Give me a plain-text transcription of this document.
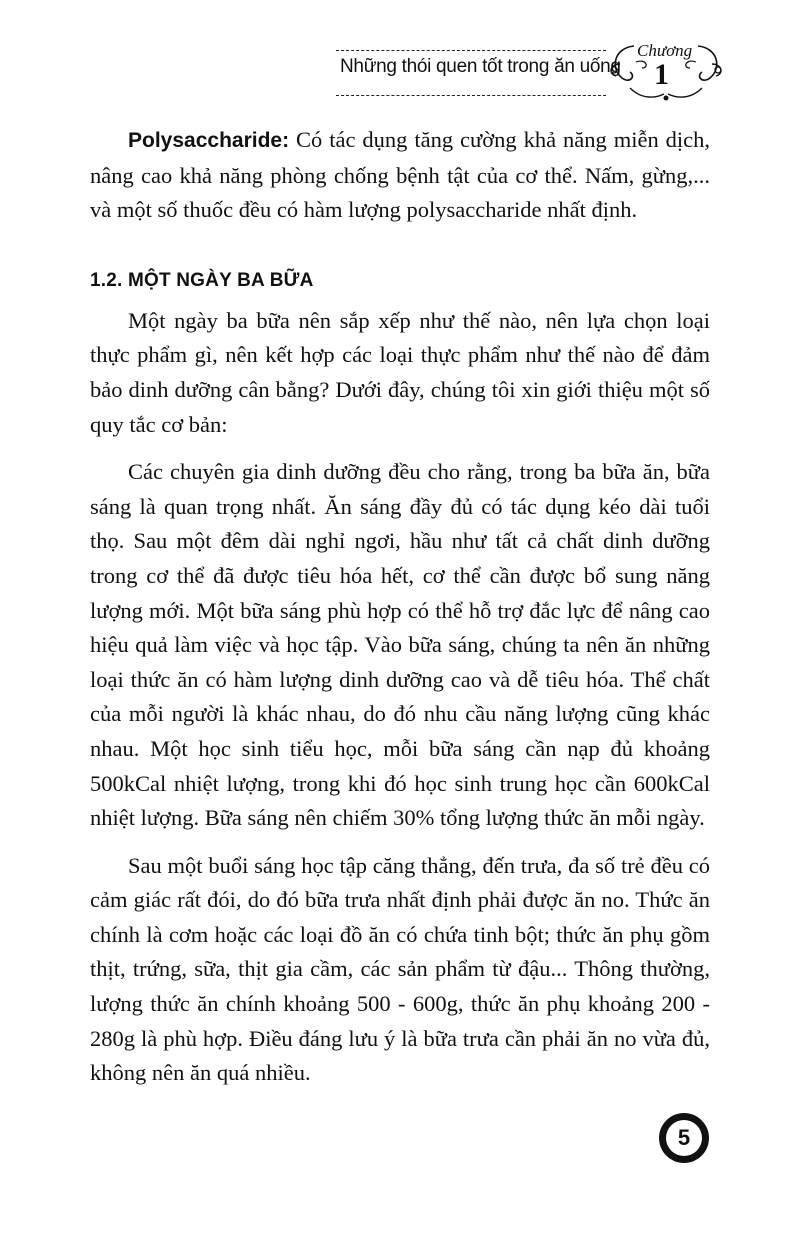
Những thói quen tốt trong ăn uống
Chương
1

Polysaccharide: Có tác dụng tăng cường khả năng miễn dịch, nâng cao khả năng phòng chống bệnh tật của cơ thể. Nấm, gừng,... và một số thuốc đều có hàm lượng polysaccharide nhất định.

1.2. MỘT NGÀY BA BỮA

Một ngày ba bữa nên sắp xếp như thế nào, nên lựa chọn loại thực phẩm gì, nên kết hợp các loại thực phẩm như thế nào để đảm bảo dinh dưỡng cân bằng? Dưới đây, chúng tôi xin giới thiệu một số quy tắc cơ bản:

Các chuyên gia dinh dưỡng đều cho rằng, trong ba bữa ăn, bữa sáng là quan trọng nhất. Ăn sáng đầy đủ có tác dụng kéo dài tuổi thọ. Sau một đêm dài nghỉ ngơi, hầu như tất cả chất dinh dưỡng trong cơ thể đã được tiêu hóa hết, cơ thể cần được bổ sung năng lượng mới. Một bữa sáng phù hợp có thể hỗ trợ đắc lực để nâng cao hiệu quả làm việc và học tập. Vào bữa sáng, chúng ta nên ăn những loại thức ăn có hàm lượng dinh dưỡng cao và dễ tiêu hóa. Thể chất của mỗi người là khác nhau, do đó nhu cầu năng lượng cũng khác nhau. Một học sinh tiểu học, mỗi bữa sáng cần nạp đủ khoảng 500kCal nhiệt lượng, trong khi đó học sinh trung học cần 600kCal nhiệt lượng. Bữa sáng nên chiếm 30% tổng lượng thức ăn mỗi ngày.

Sau một buổi sáng học tập căng thẳng, đến trưa, đa số trẻ đều có cảm giác rất đói, do đó bữa trưa nhất định phải được ăn no. Thức ăn chính là cơm hoặc các loại đồ ăn có chứa tinh bột; thức ăn phụ gồm thịt, trứng, sữa, thịt gia cầm, các sản phẩm từ đậu... Thông thường, lượng thức ăn chính khoảng 500 - 600g, thức ăn phụ khoảng 200 - 280g là phù hợp. Điều đáng lưu ý là bữa trưa cần phải ăn no vừa đủ, không nên ăn quá nhiều.

5
